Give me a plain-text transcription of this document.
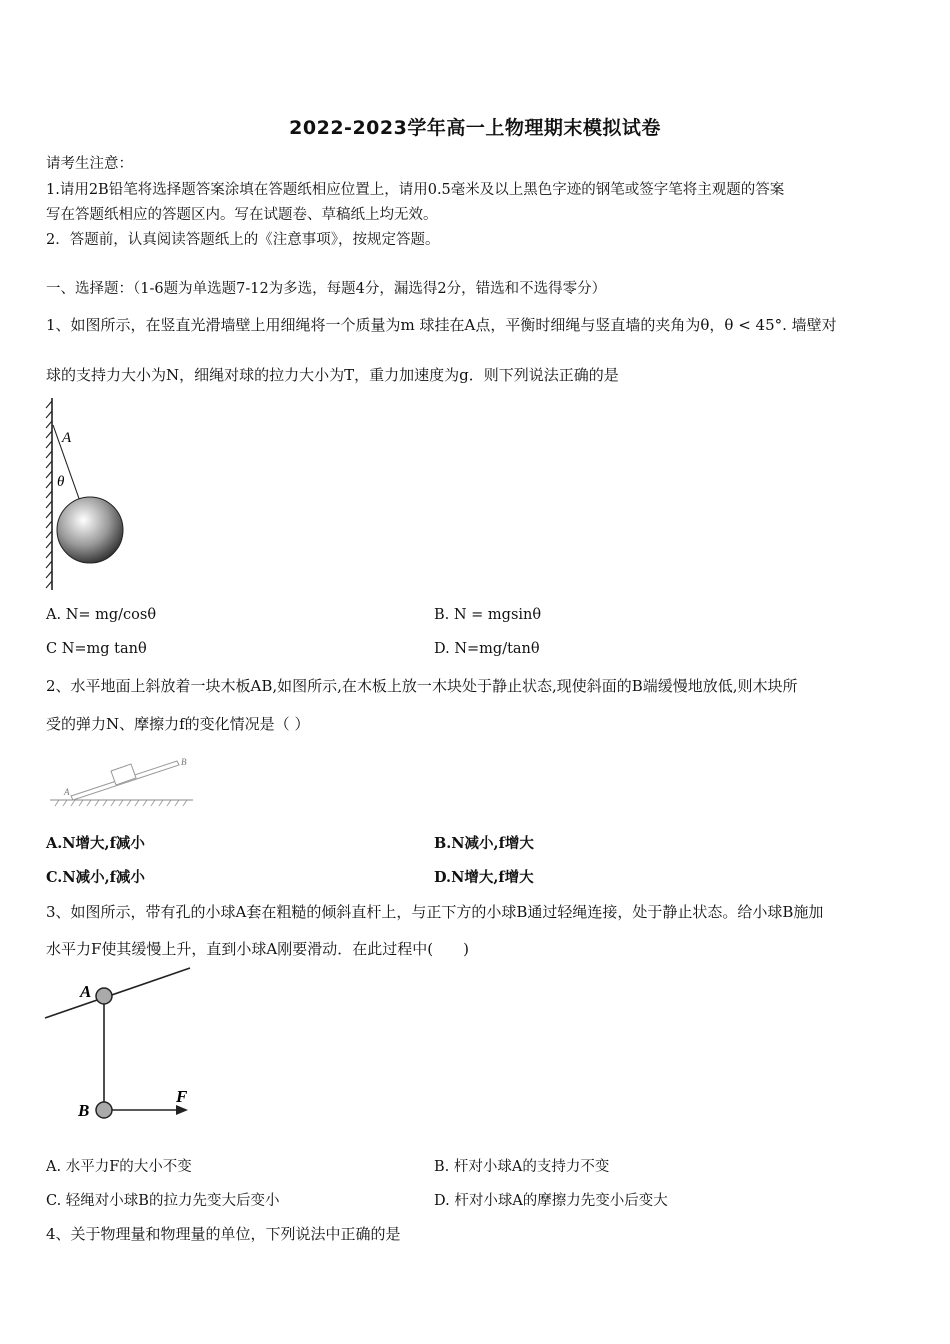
2022-2023学年高一上物理期末模拟试卷
请考生注意：
1.请用2B铅笔将选择题答案涂填在答题纸相应位置上，请用0.5毫米及以上黑色字迹的钢笔或签字笔将主观题的答案
写在答题纸相应的答题区内。写在试题卷、草稿纸上均无效。
2．答题前，认真阅读答题纸上的《注意事项》，按规定答题。
一、选择题：（1-6题为单选题7-12为多选，每题4分，漏选得2分，错选和不选得零分）
1、如图所示，在竖直光滑墙壁上用细绳将一个质量为m 球挂在A点，平衡时细绳与竖直墙的夹角为θ，θ < 45°. 墙壁对
球的支持力大小为N，细绳对球的拉力大小为T，重力加速度为g．则下列说法正确的是
A
θ
A. N= mg/cosθ	B. N = mgsinθ
C N=mg tanθ	D. N=mg/tanθ
2、水平地面上斜放着一块木板AB,如图所示,在木板上放一木块处于静止状态,现使斜面的B端缓慢地放低,则木块所
受的弹力N、摩擦力f的变化情况是（ ）
A
B
A.N增大,f减小	B.N减小,f增大
C.N减小,f减小	D.N增大,f增大
3、如图所示，带有孔的小球A套在粗糙的倾斜直杆上，与正下方的小球B通过轻绳连接，处于静止状态。给小球B施加
水平力F使其缓慢上升，直到小球A刚要滑动．在此过程中(　　)
A
B
F
A. 水平力F的大小不变	B. 杆对小球A的支持力不变
C. 轻绳对小球B的拉力先变大后变小	D. 杆对小球A的摩擦力先变小后变大
4、关于物理量和物理量的单位，下列说法中正确的是
